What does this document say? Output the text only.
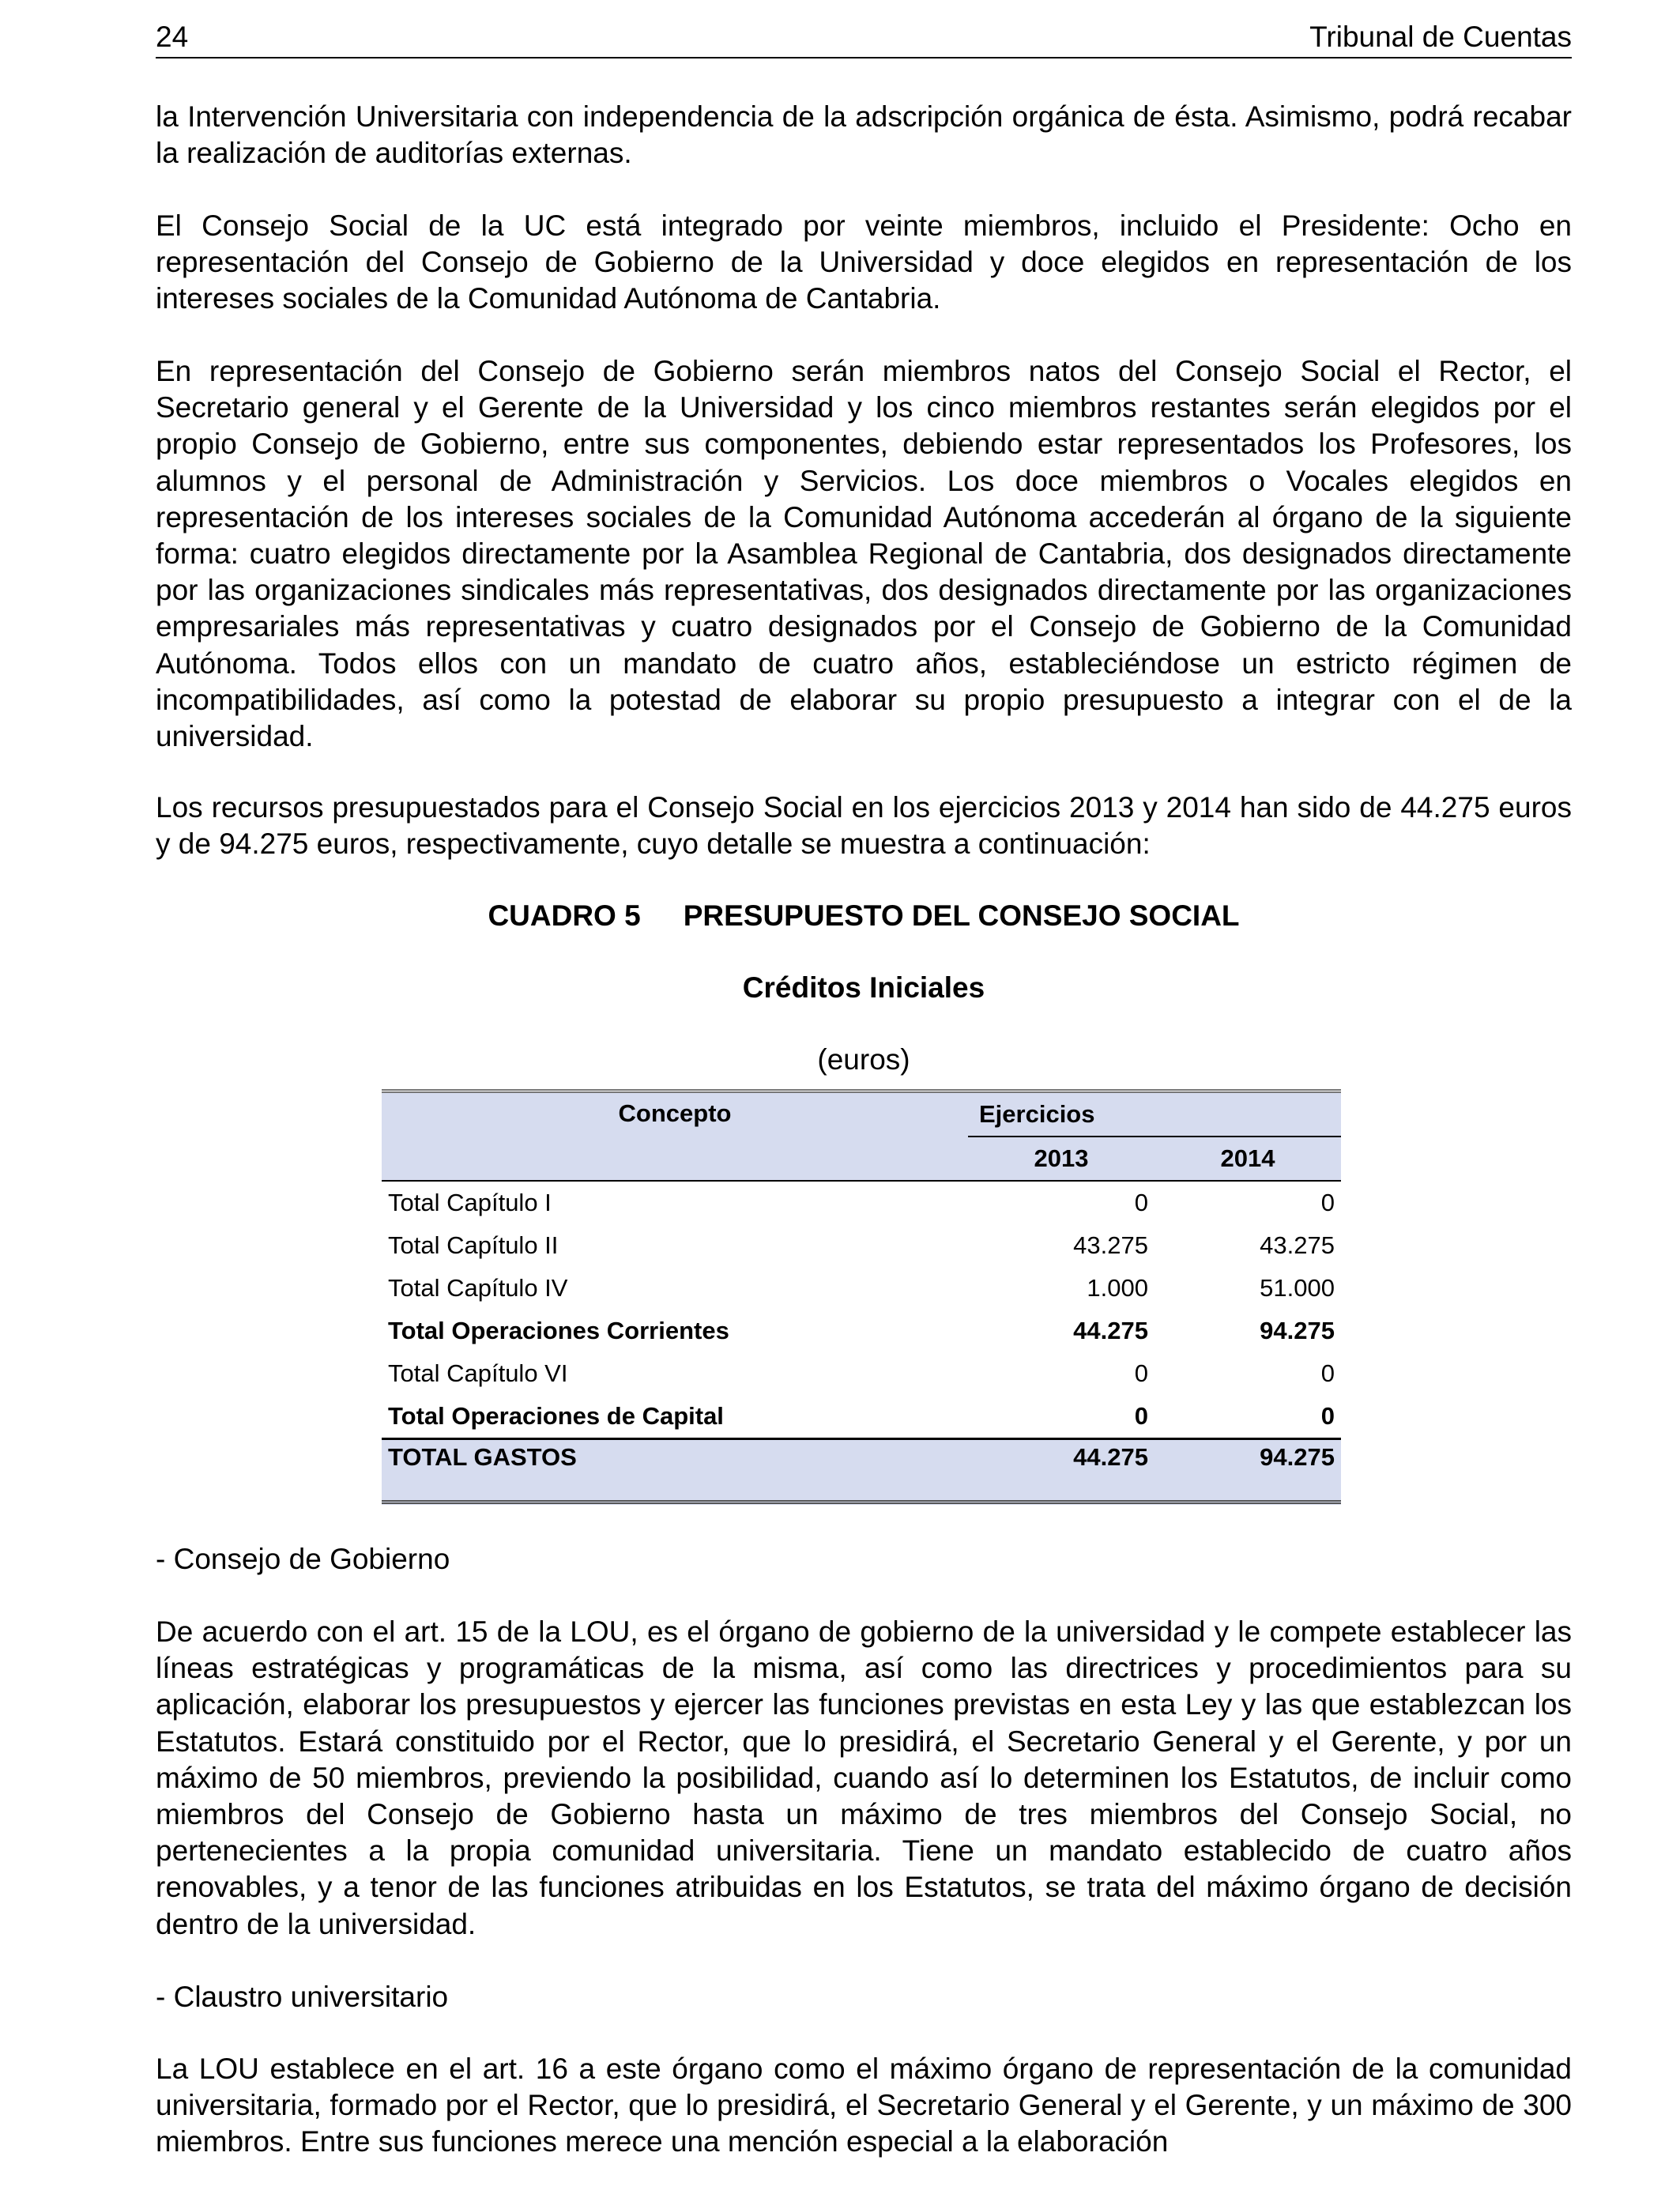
24	Tribunal de Cuentas

la Intervención Universitaria con independencia de la adscripción orgánica de ésta. Asimismo, podrá recabar la realización de auditorías externas.

El Consejo Social de la UC está integrado por veinte miembros, incluido el Presidente: Ocho en representación del Consejo de Gobierno de la Universidad y doce elegidos en representación de los intereses sociales de la Comunidad Autónoma de Cantabria.

En representación del Consejo de Gobierno serán miembros natos del Consejo Social el Rector, el Secretario general y el Gerente de la Universidad y los cinco miembros restantes serán elegidos por el propio Consejo de Gobierno, entre sus componentes, debiendo estar representados los Profesores, los alumnos y el personal de Administración y Servicios. Los doce miembros o Vocales elegidos en representación de los intereses sociales de la Comunidad Autónoma accederán al órgano de la siguiente forma: cuatro elegidos directamente por la Asamblea Regional de Cantabria, dos designados directamente por las organizaciones sindicales más representativas, dos designados directamente por las organizaciones empresariales más representativas y cuatro designados por el Consejo de Gobierno de la Comunidad Autónoma. Todos ellos con un mandato de cuatro años, estableciéndose un estricto régimen de incompatibilidades, así como la potestad de elaborar su propio presupuesto a integrar con el de la universidad.

Los recursos presupuestados para el Consejo Social en los ejercicios 2013 y 2014 han sido de 44.275 euros y de 94.275 euros, respectivamente, cuyo detalle se muestra a continuación:

CUADRO 5 PRESUPUESTO DEL CONSEJO SOCIAL
Créditos Iniciales
(euros)
Concepto	Ejercicios	
	2013	2014
Total Capítulo I	0	0
Total Capítulo II	43.275	43.275
Total Capítulo IV	1.000	51.000
Total Operaciones Corrientes	44.275	94.275
Total Capítulo VI	0	0
Total Operaciones de Capital	0	0
TOTAL GASTOS	44.275	94.275

- Consejo de Gobierno

De acuerdo con el art. 15 de la LOU, es el órgano de gobierno de la universidad y le compete establecer las líneas estratégicas y programáticas de la misma, así como las directrices y procedimientos para su aplicación, elaborar los presupuestos y ejercer las funciones previstas en esta Ley y las que establezcan los Estatutos. Estará constituido por el Rector, que lo presidirá, el Secretario General y el Gerente, y por un máximo de 50 miembros, previendo la posibilidad, cuando así lo determinen los Estatutos, de incluir como miembros del Consejo de Gobierno hasta un máximo de tres miembros del Consejo Social, no pertenecientes a la propia comunidad universitaria. Tiene un mandato establecido de cuatro años renovables, y a tenor de las funciones atribuidas en los Estatutos, se trata del máximo órgano de decisión dentro de la universidad.

- Claustro universitario

La LOU establece en el art. 16 a este órgano como el máximo órgano de representación de la comunidad universitaria, formado por el Rector, que lo presidirá, el Secretario General y el Gerente, y un máximo de 300 miembros. Entre sus funciones merece una mención especial a la elaboración
